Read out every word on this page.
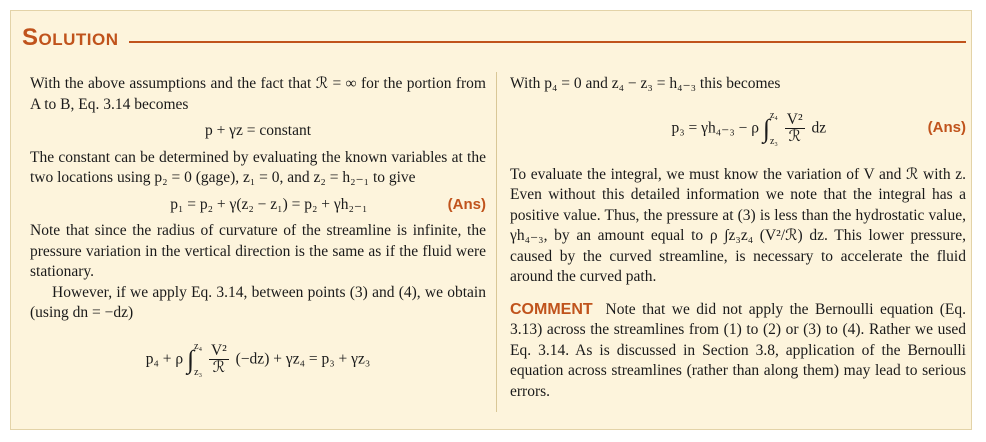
Solution

With the above assumptions and the fact that ℛ = ∞ for the portion from A to B, Eq. 3.14 becomes

p + γz = constant

The constant can be determined by evaluating the known variables at the two locations using p₂ = 0 (gage), z₁ = 0, and z₂ = h₂₋₁ to give

p₁ = p₂ + γ(z₂ − z₁) = p₂ + γh₂₋₁	(Ans)

Note that since the radius of curvature of the streamline is infinite, the pressure variation in the vertical direction is the same as if the fluid were stationary.

However, if we apply Eq. 3.14, between points (3) and (4), we obtain (using dn = −dz)

p₄ + ρ ∫ z₄
z₃
$\frac{\text{V²}}{\text{ℛ}} (-dz) + \gamma z_4 = p_3 + \gamma z_3$

With p₄ = 0 and z₄ − z₃ = h₄₋₃ this becomes

p₃ = γh₄₋₃ − ρ ∫ z₄
z₃
$\frac{\text{V²}}{\text{ℛ}}$ dz	(Ans)

To evaluate the integral, we must know the variation of V and ℛ with z. Even without this detailed information we note that the integral has a positive value. Thus, the pressure at (3) is less than the hydrostatic value, γh₄₋₃, by an amount equal to ρ ∫z₃z₄ (V²/ℛ) dz. This lower pressure, caused by the curved streamline, is necessary to accelerate the fluid around the curved path.

COMMENT Note that we did not apply the Bernoulli equation (Eq. 3.13) across the streamlines from (1) to (2) or (3) to (4). Rather we used Eq. 3.14. As is discussed in Section 3.8, application of the Bernoulli equation across streamlines (rather than along them) may lead to serious errors.
